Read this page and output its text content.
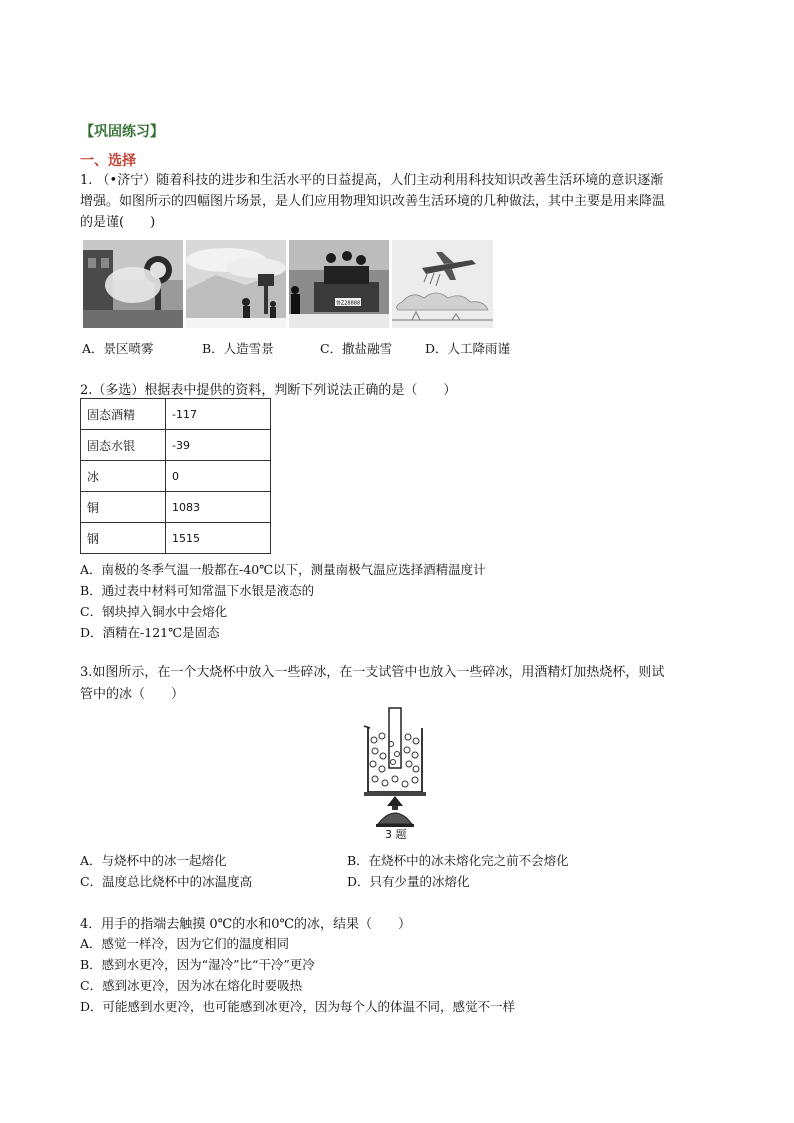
【巩固练习】
一、选择
1. （•济宁）随着科技的进步和生活水平的日益提高，人们主动利用科技知识改善生活环境的意识逐渐
增强。如图所示的四幅图片场景，是人们应用物理知识改善生活环境的几种做法，其中主要是用来降温
的是谨(　　)
鲁Z28888
A．景区喷雾	B．人造雪景	C．撒盐融雪	D．人工降雨谨
2.（多选）根据表中提供的资料，判断下列说法正确的是（　　）
固态酒精	-117
固态水银	-39
冰	0
铜	1083
钢	1515
A．南极的冬季气温一般都在-40℃以下，测量南极气温应选择酒精温度计
B．通过表中材料可知常温下水银是液态的
C．钢块掉入铜水中会熔化
D．酒精在-121℃是固态
3.如图所示，在一个大烧杯中放入一些碎冰，在一支试管中也放入一些碎冰，用酒精灯加热烧杯，则试
管中的冰（　　）
3 题
A．与烧杯中的冰一起熔化	B．在烧杯中的冰未熔化完之前不会熔化
C．温度总比烧杯中的冰温度高	D．只有少量的冰熔化
4．用手的指端去触摸 0℃的水和0℃的冰，结果（　　）
A．感觉一样冷，因为它们的温度相同
B．感到水更冷，因为“湿冷”比“干冷”更冷
C．感到冰更冷，因为冰在熔化时要吸热
D．可能感到水更冷，也可能感到冰更冷，因为每个人的体温不同，感觉不一样
